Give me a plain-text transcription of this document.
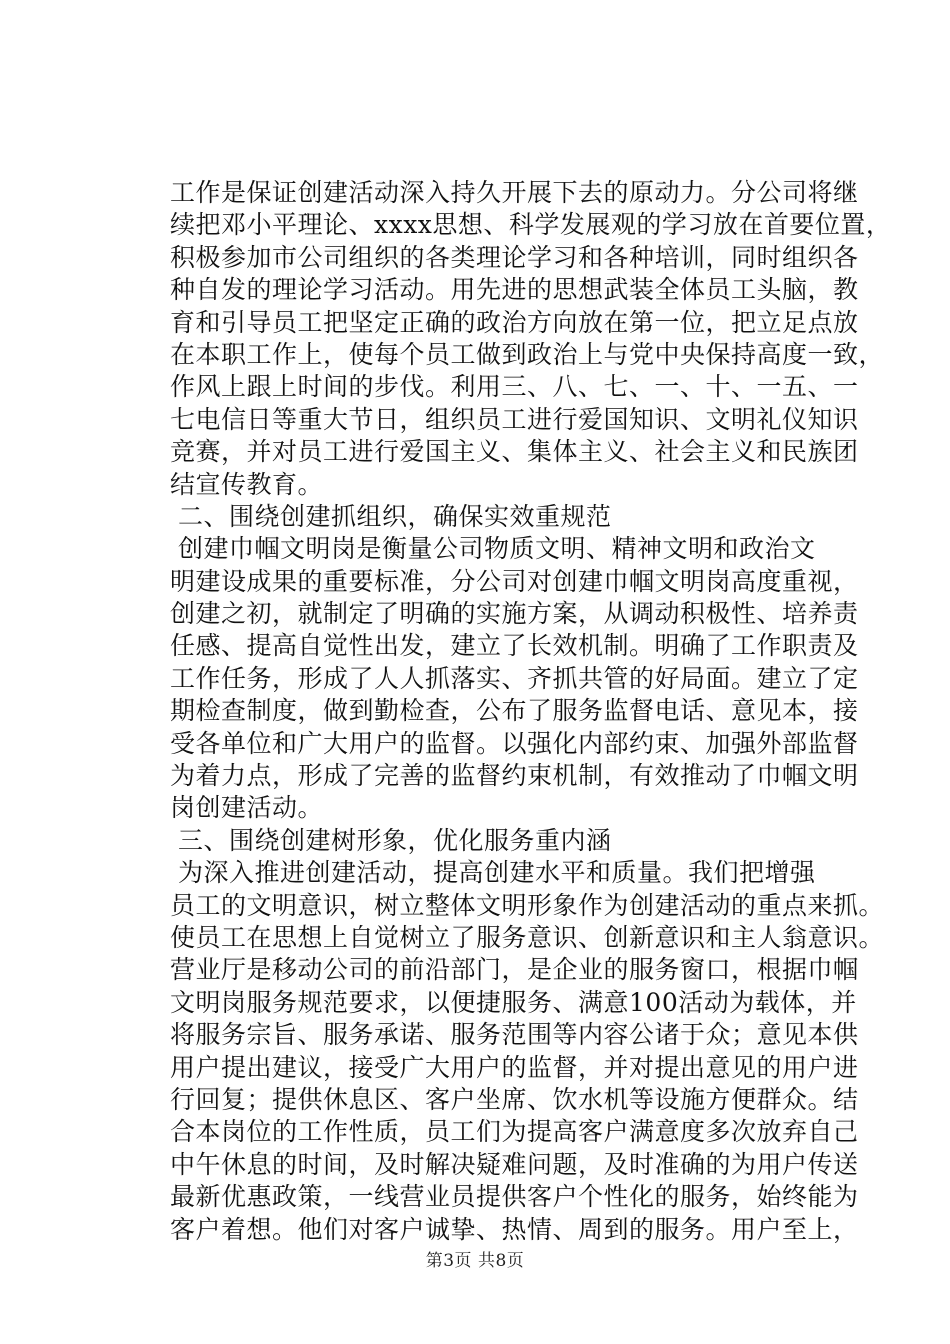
工作是保证创建活动深入持久开展下去的原动力。分公司将继
续把邓小平理论、xxxx思想、科学发展观的学习放在首要位置，
积极参加市公司组织的各类理论学习和各种培训，同时组织各
种自发的理论学习活动。用先进的思想武装全体员工头脑，教
育和引导员工把坚定正确的政治方向放在第一位，把立足点放
在本职工作上，使每个员工做到政治上与党中央保持高度一致，
作风上跟上时间的步伐。利用三、八、七、一、十、一五、一
七电信日等重大节日，组织员工进行爱国知识、文明礼仪知识
竞赛，并对员工进行爱国主义、集体主义、社会主义和民族团
结宣传教育。
二、围绕创建抓组织，确保实效重规范
创建巾帼文明岗是衡量公司物质文明、精神文明和政治文
明建设成果的重要标准，分公司对创建巾帼文明岗高度重视，
创建之初，就制定了明确的实施方案，从调动积极性、培养责
任感、提高自觉性出发，建立了长效机制。明确了工作职责及
工作任务，形成了人人抓落实、齐抓共管的好局面。建立了定
期检查制度，做到勤检查，公布了服务监督电话、意见本，接
受各单位和广大用户的监督。以强化内部约束、加强外部监督
为着力点，形成了完善的监督约束机制，有效推动了巾帼文明
岗创建活动。
三、围绕创建树形象，优化服务重内涵
为深入推进创建活动，提高创建水平和质量。我们把增强
员工的文明意识，树立整体文明形象作为创建活动的重点来抓。
使员工在思想上自觉树立了服务意识、创新意识和主人翁意识。
营业厅是移动公司的前沿部门，是企业的服务窗口，根据巾帼
文明岗服务规范要求，以便捷服务、满意100活动为载体，并
将服务宗旨、服务承诺、服务范围等内容公诸于众；意见本供
用户提出建议，接受广大用户的监督，并对提出意见的用户进
行回复；提供休息区、客户坐席、饮水机等设施方便群众。结
合本岗位的工作性质，员工们为提高客户满意度多次放弃自己
中午休息的时间，及时解决疑难问题，及时准确的为用户传送
最新优惠政策，一线营业员提供客户个性化的服务，始终能为
客户着想。他们对客户诚挚、热情、周到的服务。用户至上，
第3页 共8页
